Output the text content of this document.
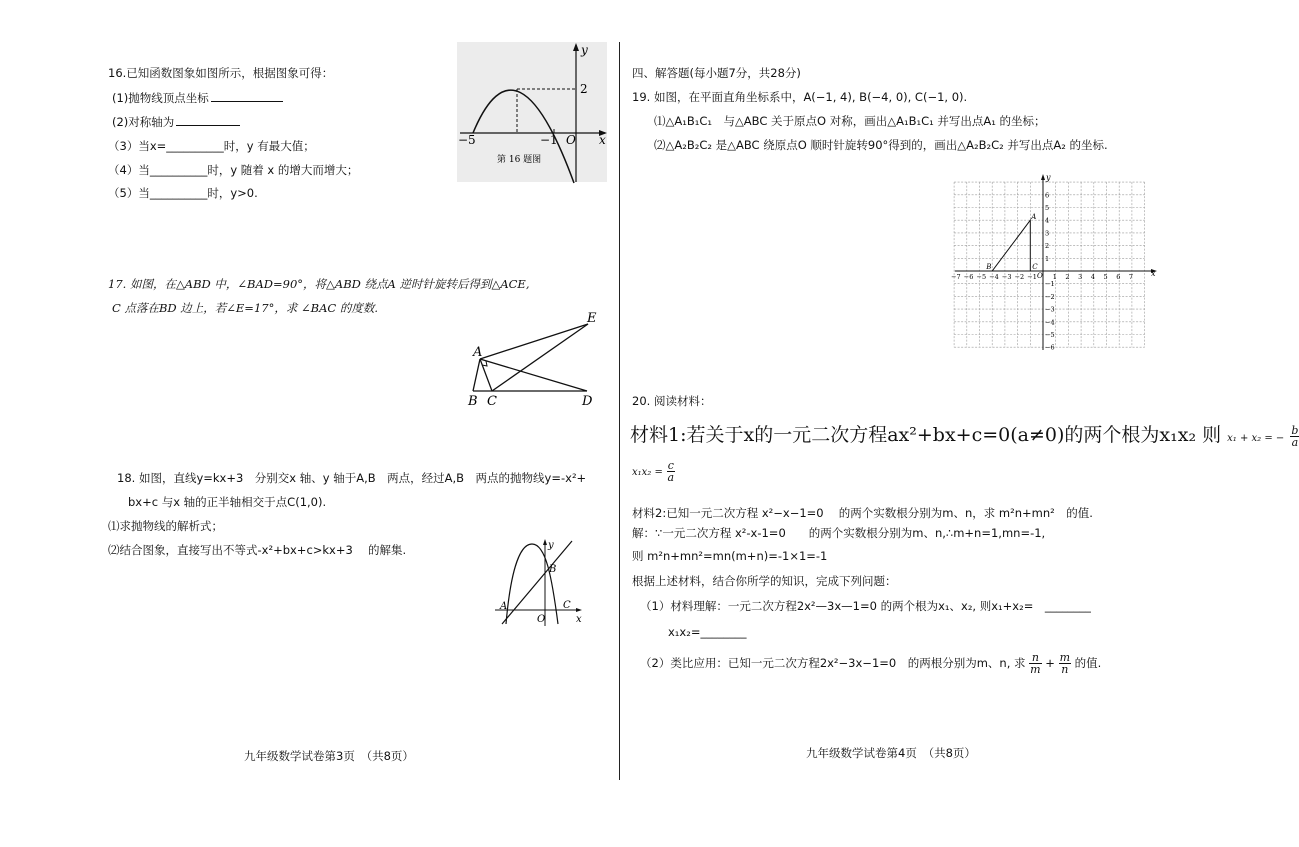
16.已知函数图象如图所示，根据图象可得：
(1)抛物线顶点坐标
(2)对称轴为
（3）当x=__________时，y 有最大值；
（4）当__________时，y 随着 x 的增大而增大；
（5）当__________时，y>0.
y
x
2
−5	−1 O
第 16 题图
17. 如图，在△ABD 中，∠BAD=90°，将△ABD 绕点A 逆时针旋转后得到△ACE,
C 点落在BD 边上，若∠E=17°，求 ∠BAC 的度数.
A
B C	D
E
18. 如图，直线y=kx+3　分别交x 轴、y 轴于A,B　两点，经过A,B　两点的抛物线y=-x²+
bx+c 与x 轴的正半轴相交于点C(1,0).
⑴求抛物线的解析式；
⑵结合图象，直接写出不等式-x²+bx+c>kx+3　 的解集.	y
x
A
B
C
O
九年级数学试卷第3页　（共8页）
四、解答题(每小题7分，共28分)
19. 如图，在平面直角坐标系中，A(−1, 4), B(−4, 0), C(−1, 0).
⑴△A₁B₁C₁　与△ABC 关于原点O 对称，画出△A₁B₁C₁ 并写出点A₁ 的坐标；
⑵△A₂B₂C₂ 是△ABC 绕原点O 顺时针旋转90°得到的，画出△A₂B₂C₂ 并写出点A₂ 的坐标.
−7 −6 −5 −4 −3 −2 −1 1 2 3 4 5 6 7
6
5
4
3
2
1
−1
−2
−3
−4
−5
−6
x
y
A
B	C
O
20. 阅读材料：
材料1:若关于x的一元二次方程ax²+bx+c=0(a≠0)的两个根为x₁x₂ 则 x₁ + x₂ = − $\frac{b}{a}$
$x_1x_2 = \frac{c}{a}$
材料2:已知一元二次方程 x²−x−1=0　 的两个实数根分别为m、n，求 m²n+mn²　的值.
解：∵一元二次方程 x²-x-1=0　　的两个实数根分别为m、n,∴m+n=1,mn=-1,
则 m²n+mn²=mn(m+n)=-1×1=-1
根据上述材料，结合你所学的知识，完成下列问题：
（1）材料理解：一元二次方程2x²—3x—1=0 的两个根为x₁、x₂, 则x₁+x₂=　________
x₁x₂=________
（2）类比应用：已知一元二次方程2x²−3x−1=0　的两根分别为m、n, 求 $\frac{n}{m} + \frac{m}{n}$ 的值.
九年级数学试卷第4页　（共8页）
